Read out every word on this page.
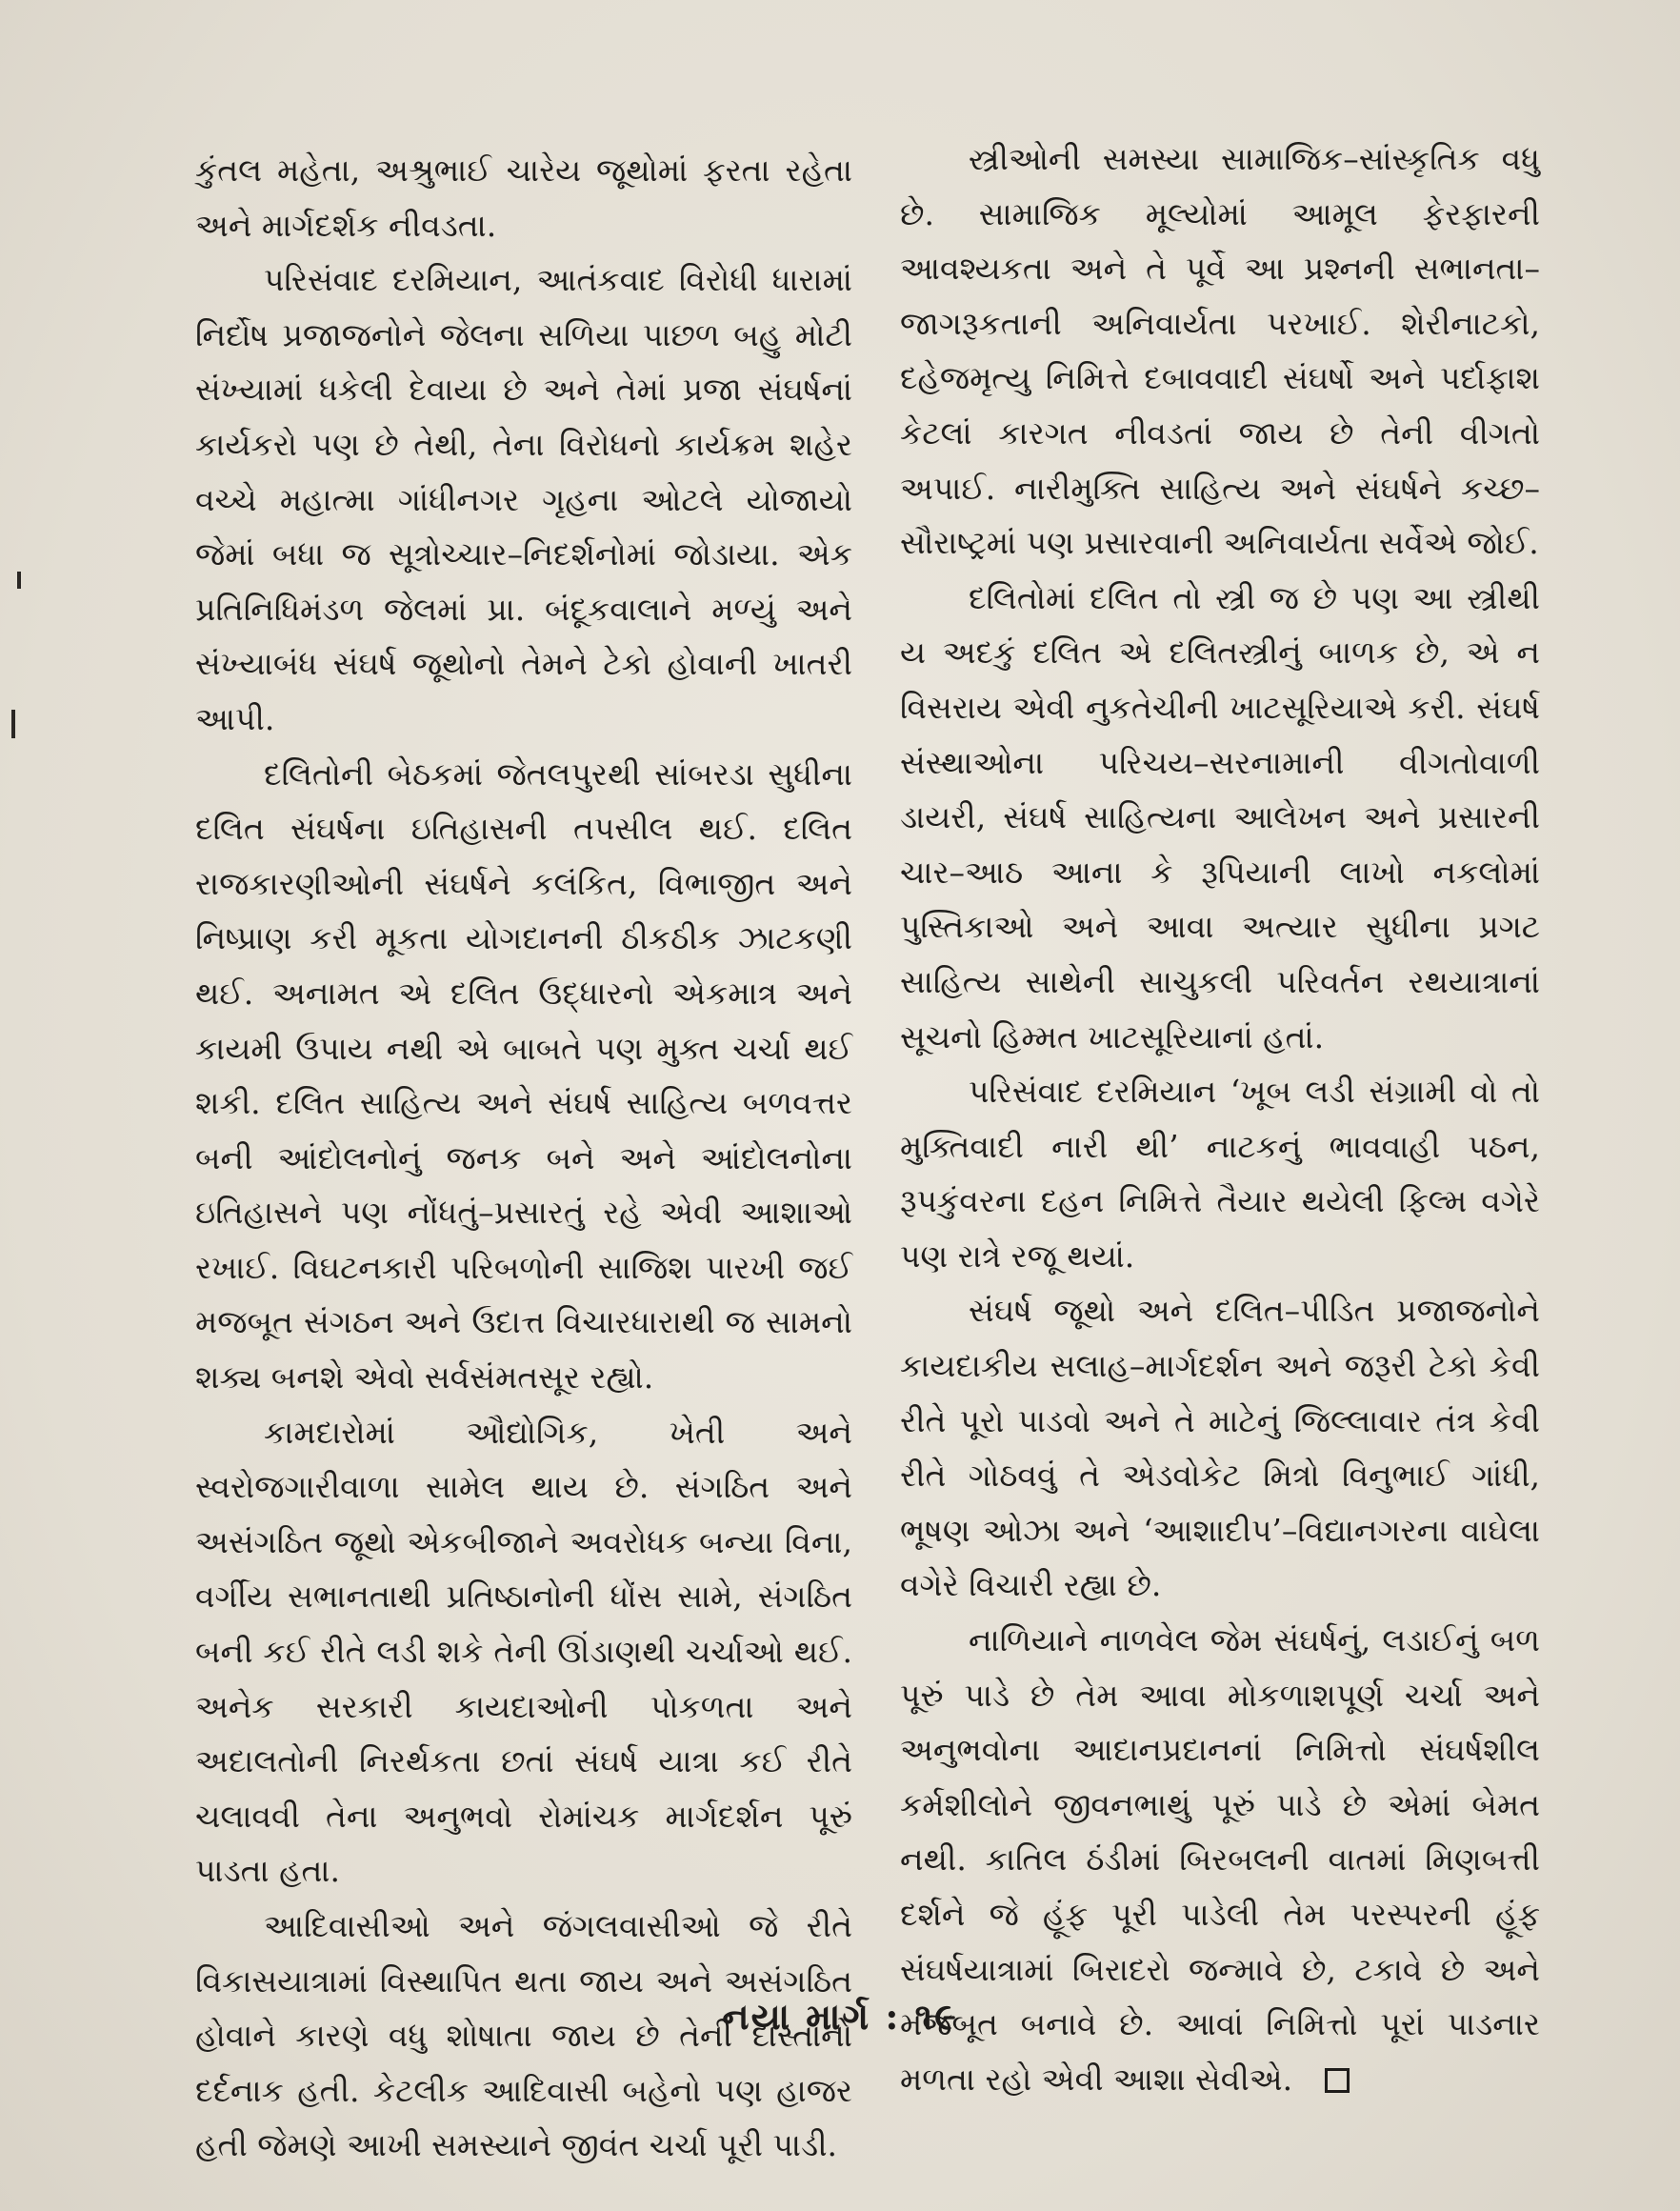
કુંતલ મહેતા, અશ્રુભાઈ ચારેય જૂથોમાં ફરતા રહેતા અને માર્ગદર્શક નીવડતા.

પરિસંવાદ દરમિયાન, આતંકવાદ વિરોધી ધારામાં નિર્દોષ પ્રજાજનોને જેલના સળિયા પાછળ બહુ મોટી સંખ્યામાં ધકેલી દેવાયા છે અને તેમાં પ્રજા સંઘર્ષનાં કાર્યકરો પણ છે તેથી, તેના વિરોધનો કાર્યક્રમ શહેર વચ્ચે મહાત્મા ગાંધીનગર ગૃહના ઓટલે યોજાયો જેમાં બધા જ સૂત્રોચ્ચાર–નિદર્શનોમાં જોડાયા. એક પ્રતિનિધિમંડળ જેલમાં પ્રા. બંદૂકવાલાને મળ્યું અને સંખ્યાબંધ સંઘર્ષ જૂથોનો તેમને ટેકો હોવાની ખાતરી આપી.

દલિતોની બેઠકમાં જેતલપુરથી સાંબરડા સુધીના દલિત સંઘર્ષના ઇતિહાસની તપસીલ થઈ. દલિત રાજકારણીઓની સંઘર્ષને કલંકિત, વિભાજીત અને નિષ્પ્રાણ કરી મૂકતા યોગદાનની ઠીકઠીક ઝાટકણી થઈ. અનામત એ દલિત ઉદ્ધારનો એકમાત્ર અને કાયમી ઉપાય નથી એ બાબતે પણ મુક્ત ચર્ચા થઈ શકી. દલિત સાહિત્ય અને સંઘર્ષ સાહિત્ય બળવત્તર બની આંદોલનોનું જનક બને અને આંદોલનોના ઇતિહાસને પણ નોંધતું–પ્રસારતું રહે એવી આશાઓ રખાઈ. વિઘટનકારી પરિબળોની સાજિશ પારખી જઈ મજબૂત સંગઠન અને ઉદાત્ત વિચારધારાથી જ સામનો શક્ય બનશે એવો સર્વસંમતસૂર રહ્યો.

કામદારોમાં ઔદ્યોગિક, ખેતી અને સ્વરોજગારીવાળા સામેલ થાય છે. સંગઠિત અને અસંગઠિત જૂથો એકબીજાને અવરોધક બન્યા વિના, વર્ગીય સભાનતાથી પ્રતિષ્ઠાનોની ધોંસ સામે, સંગઠિત બની કઈ રીતે લડી શકે તેની ઊંડાણથી ચર્ચાઓ થઈ. અનેક સરકારી કાયદાઓની પોકળતા અને અદાલતોની નિરર્થકતા છતાં સંઘર્ષ યાત્રા કઈ રીતે ચલાવવી તેના અનુભવો રોમાંચક માર્ગદર્શન પૂરું પાડતા હતા.

આદિવાસીઓ અને જંગલવાસીઓ જે રીતે વિકાસયાત્રામાં વિસ્થાપિત થતા જાય અને અસંગઠિત હોવાને કારણે વધુ શોષાતા જાય છે તેની દાસ્તાનો દર્દનાક હતી. કેટલીક આદિવાસી બહેનો પણ હાજર હતી જેમણે આખી સમસ્યાને જીવંત ચર્ચા પૂરી પાડી.

સ્ત્રીઓની સમસ્યા સામાજિક–સાંસ્કૃતિક વધુ છે. સામાજિક મૂલ્યોમાં આમૂલ ફેરફારની આવશ્યકતા અને તે પૂર્વે આ પ્રશ્નની સભાનતા–જાગરૂકતાની અનિવાર્યતા પરખાઈ. શેરીનાટકો, દહેજમૃત્યુ નિમિત્તે દબાવવાદી સંઘર્ષો અને પર્દાફાશ કેટલાં કારગત નીવડતાં જાય છે તેની વીગતો અપાઈ. નારીમુક્તિ સાહિત્ય અને સંઘર્ષને કચ્છ–સૌરાષ્ટ્રમાં પણ પ્રસારવાની અનિવાર્યતા સર્વેએ જોઈ.

દલિતોમાં દલિત તો સ્ત્રી જ છે પણ આ સ્ત્રીથી ય અદકું દલિત એ દલિતસ્ત્રીનું બાળક છે, એ ન વિસરાય એવી નુકતેચીની ખાટસૂરિયાએ કરી. સંઘર્ષ સંસ્થાઓના પરિચય–સરનામાની વીગતોવાળી ડાયરી, સંઘર્ષ સાહિત્યના આલેખન અને પ્રસારની ચાર–આઠ આના કે રૂપિયાની લાખો નકલોમાં પુસ્તિકાઓ અને આવા અત્યાર સુધીના પ્રગટ સાહિત્ય સાથેની સાચુકલી પરિવર્તન રથયાત્રાનાં સૂચનો હિમ્મત ખાટસૂરિયાનાં હતાં.

પરિસંવાદ દરમિયાન ‘ખૂબ લડી સંગ્રામી વો તો મુક્તિવાદી નારી થી’ નાટકનું ભાવવાહી પઠન, રૂપકુંવરના દહન નિમિત્તે તૈયાર થયેલી ફિલ્મ વગેરે પણ રાત્રે રજૂ થયાં.

સંઘર્ષ જૂથો અને દલિત–પીડિત પ્રજાજનોને કાયદાકીય સલાહ–માર્ગદર્શન અને જરૂરી ટેકો કેવી રીતે પૂરો પાડવો અને તે માટેનું જિલ્લાવાર તંત્ર કેવી રીતે ગોઠવવું તે એડવોકેટ મિત્રો વિનુભાઈ ગાંધી, ભૂષણ ઓઝા અને ‘આશાદીપ’–વિદ્યાનગરના વાઘેલા વગેરે વિચારી રહ્યા છે.

નાળિયાને નાળવેલ જેમ સંઘર્ષનું, લડાઈનું બળ પૂરું પાડે છે તેમ આવા મોકળાશપૂર્ણ ચર્ચા અને અનુભવોના આદાનપ્રદાનનાં નિમિત્તો સંઘર્ષશીલ કર્મશીલોને જીવનભાથું પૂરું પાડે છે એમાં બેમત નથી. કાતિલ ઠંડીમાં બિરબલની વાતમાં મિણબત્તી દર્શને જે હૂંફ પૂરી પાડેલી તેમ પરસ્પરની હૂંફ સંઘર્ષયાત્રામાં બિરાદરો જન્માવે છે, ટકાવે છે અને મજબૂત બનાવે છે. આવાં નિમિત્તો પૂરાં પાડનાર મળતા રહો એવી આશા સેવીએ.

નયા માર્ગ : ૧૯
